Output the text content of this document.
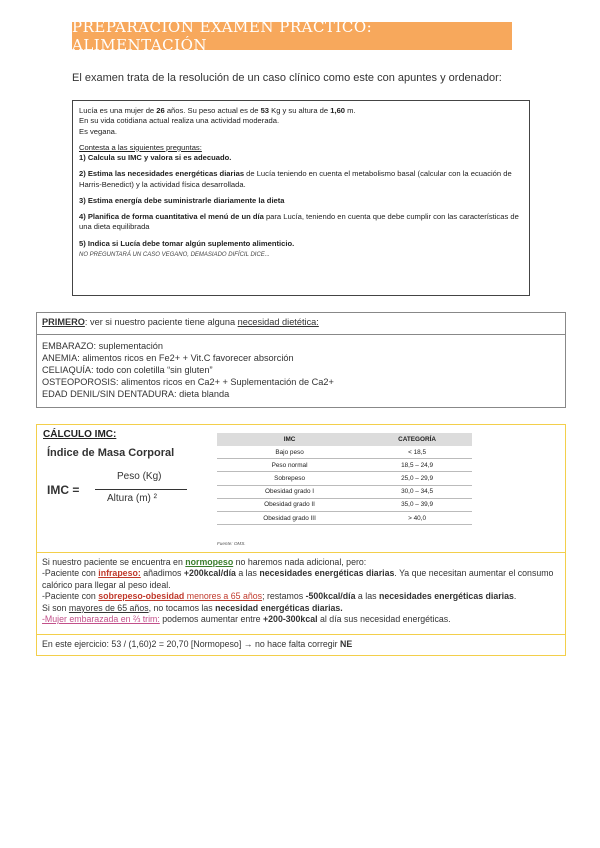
PREPARACIÓN EXAMEN PRÁCTICO: ALIMENTACIÓN
El examen trata de la resolución de un caso clínico como este con apuntes y ordenador:

Lucía es una mujer de 26 años. Su peso actual es de 53 Kg y su altura de 1,60 m.
En su vida cotidiana actual realiza una actividad moderada.
Es vegana.

Contesta a las siguientes preguntas:
1) Calcula su IMC y valora si es adecuado.

2) Estima las necesidades energéticas diarias de Lucía teniendo en cuenta el metabolismo basal (calcular con la ecuación de Harris-Benedict) y la actividad física desarrollada.

3) Estima energía debe suministrarle diariamente la dieta

4) Planifica de forma cuantitativa el menú de un día para Lucía, teniendo en cuenta que debe cumplir con las características de una dieta equilibrada

5) Indica si Lucía debe tomar algún suplemento alimenticio.
NO PREGUNTARÁ UN CASO VEGANO, DEMASIADO DIFÍCIL DICE...

PRIMERO: ver si nuestro paciente tiene alguna necesidad dietética:
EMBARAZO: suplementación
ANEMIA: alimentos ricos en Fe2+ + Vit.C favorecer absorción
CELIAQUÍA: todo con coletilla “sin gluten”
OSTEOPOROSIS: alimentos ricos en Ca2+ + Suplementación de Ca2+
EDAD DENIL/SIN DENTADURA: dieta blanda
CÁLCULO IMC:
Índice de Masa Corporal
IMC =
Peso (Kg)
Altura (m) ²
IMC	CATEGORÍA
Bajo peso	< 18,5
Peso normal	18,5 – 24,9
Sobrepeso	25,0 – 29,9
Obesidad grado I	30,0 – 34,5
Obesidad grado II	35,0 – 39,9
Obesidad grado III	> 40,0
Fuente: OMS.
Si nuestro paciente se encuentra en normopeso no haremos nada adicional, pero:
-Paciente con infrapeso: añadimos +200kcal/día a las necesidades energéticas diarias. Ya que necesitan aumentar el consumo calórico para llegar al peso ideal.
-Paciente con sobrepeso-obesidad menores a 65 años; restamos -500kcal/día a las necesidades energéticas diarias.
Si son mayores de 65 años, no tocamos las necesidad energéticas diarias.
-Mujer embarazada en ⅔ trim: podemos aumentar entre +200-300kcal al día sus necesidad energéticas.
En este ejercicio: 53 / (1,60)2 = 20,70 [Normopeso] → no hace falta corregir NE
